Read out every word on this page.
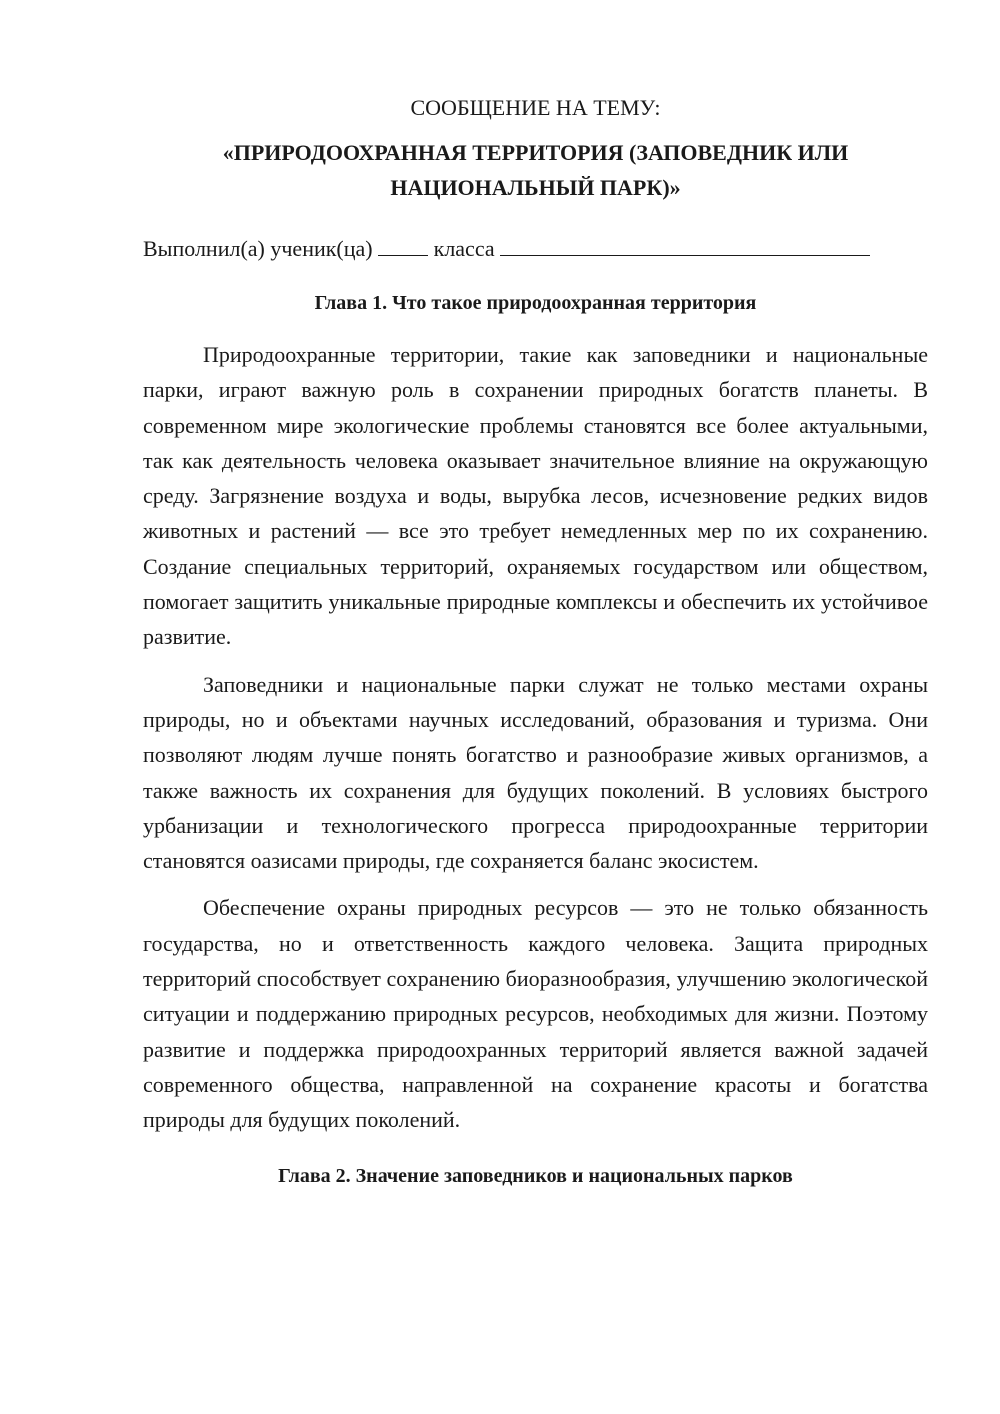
СООБЩЕНИЕ НА ТЕМУ:

«ПРИРОДООХРАННАЯ ТЕРРИТОРИЯ (ЗАПОВЕДНИК ИЛИ НАЦИОНАЛЬНЫЙ ПАРК)»

Выполнил(а) ученик(ца)	класса

Глава 1. Что такое природоохранная территория

Природоохранные территории, такие как заповедники и национальные парки, играют важную роль в сохранении природных богатств планеты. В современном мире экологические проблемы становятся все более актуальными, так как деятельность человека оказывает значительное влияние на окружающую среду. Загрязнение воздуха и воды, вырубка лесов, исчезновение редких видов животных и растений — все это требует немедленных мер по их сохранению. Создание специальных территорий, охраняемых государством или обществом, помогает защитить уникальные природные комплексы и обеспечить их устойчивое развитие.

Заповедники и национальные парки служат не только местами охраны природы, но и объектами научных исследований, образования и туризма. Они позволяют людям лучше понять богатство и разнообразие живых организмов, а также важность их сохранения для будущих поколений. В условиях быстрого урбанизации и технологического прогресса природоохранные территории становятся оазисами природы, где сохраняется баланс экосистем.

Обеспечение охраны природных ресурсов — это не только обязанность государства, но и ответственность каждого человека. Защита природных территорий способствует сохранению биоразнообразия, улучшению экологической ситуации и поддержанию природных ресурсов, необходимых для жизни. Поэтому развитие и поддержка природоохранных территорий является важной задачей современного общества, направленной на сохранение красоты и богатства природы для будущих поколений.

Глава 2. Значение заповедников и национальных парков
